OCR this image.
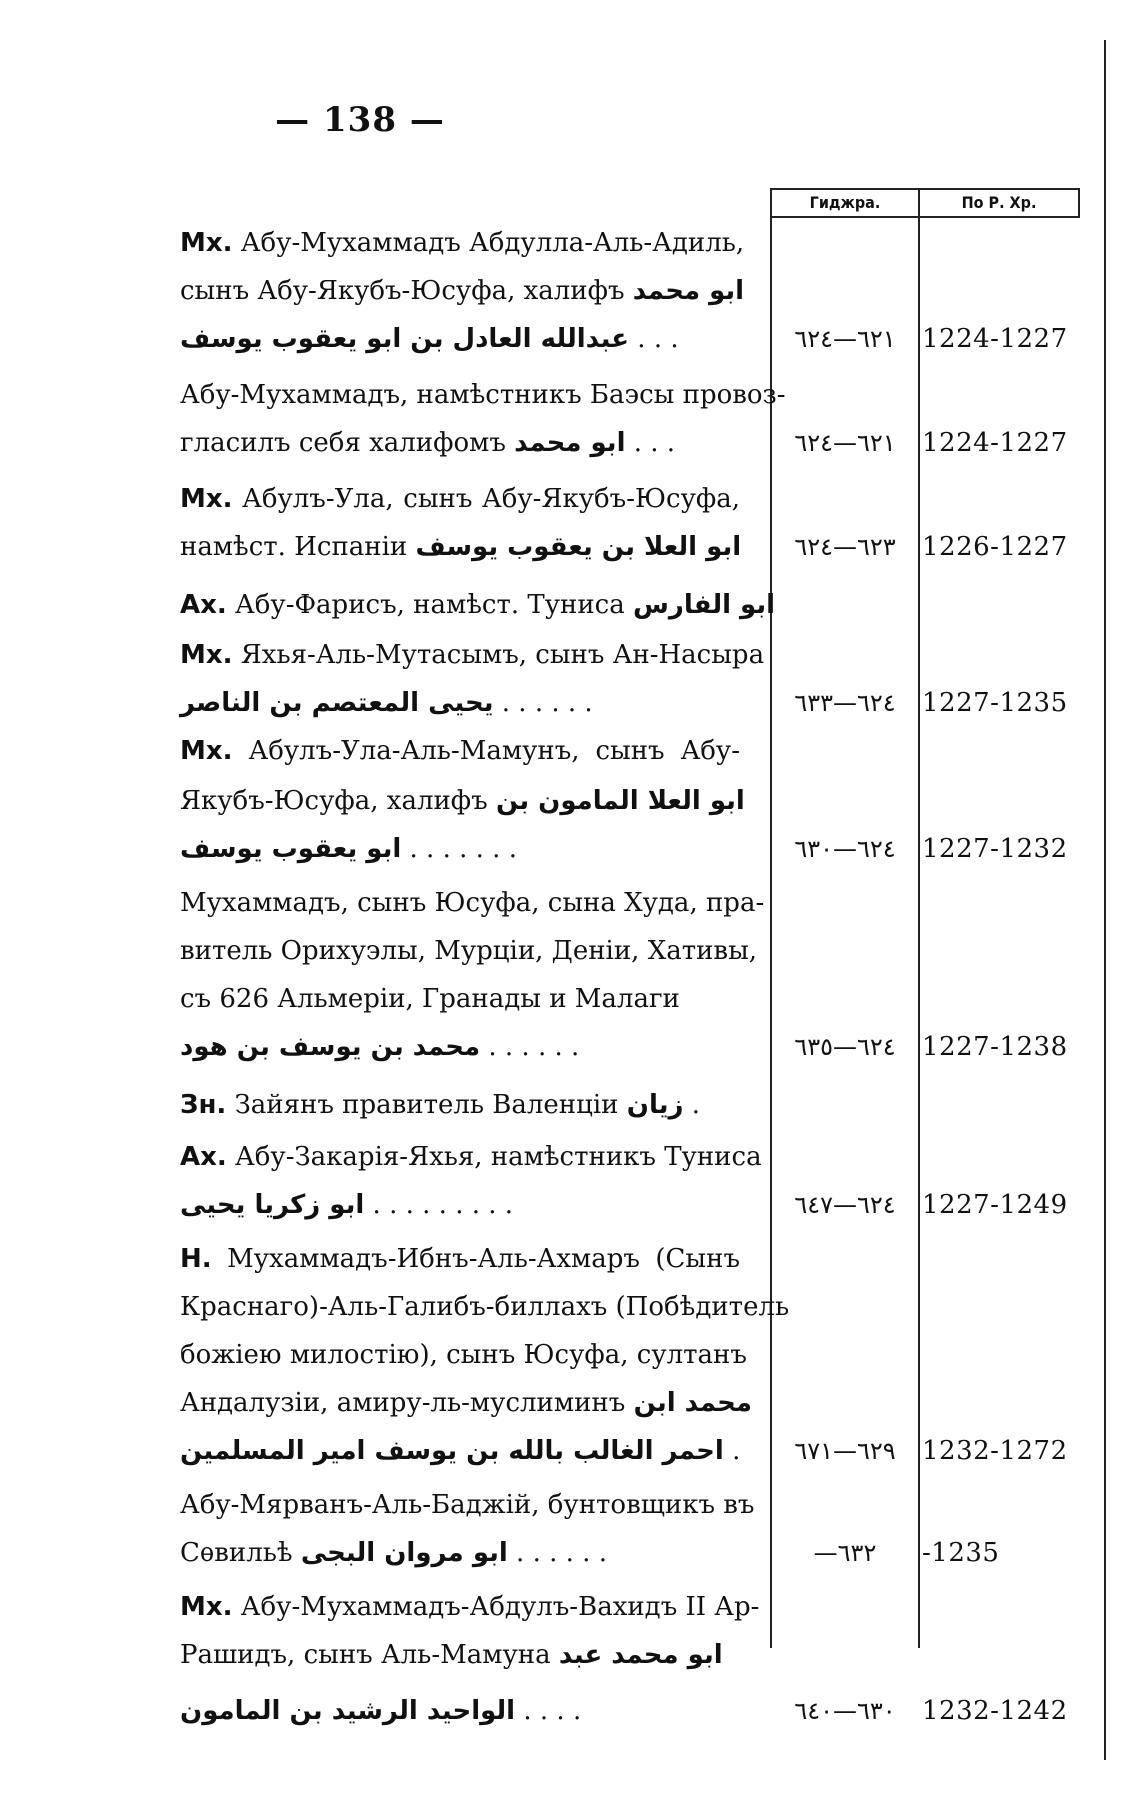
— 138 —
Гиджра.	По Р. Хр.
Мх. Абу-Мухаммадъ Абдулла-Аль-Адиль,
сынъ Абу-Якубъ-Юсуфа, халифъ ابو محمد
عبدالله العادل بن ابو يعقوب يوسف . . .	٦٢١—٦٢٤	1224-1227
Абу-Мухаммадъ, намѣстникъ Баэсы провоз-
гласилъ себя халифомъ ابو محمد . . .	٦٢١—٦٢٤	1224-1227
Мх. Абулъ-Ула, сынъ Абу-Якубъ-Юсуфа,
намѣст. Испаніи ابو العلا بن يعقوب يوسف	٦٢٣—٦٢٤	1226-1227
Ах. Абу-Фарисъ, намѣст. Туниса ابو الفارس
Мх. Яхья-Аль-Мутасымъ, сынъ Ан-Насыра
يحيى المعتصم بن الناصر . . . . . .	٦٢٤—٦٣٣	1227-1235
Мх. Абулъ-Ула-Аль-Мамунъ, сынъ Абу-
Якубъ-Юсуфа, халифъ ابو العلا المامون بن
ابو يعقوب يوسف . . . . . . .	٦٢٤—٦٣٠	1227-1232
Мухаммадъ, сынъ Юсуфа, сына Худа, пра-
витель Орихуэлы, Мурціи, Деніи, Хативы,
съ 626 Альмеріи, Гранады и Малаги
محمد بن يوسف بن هود . . . . . .	٦٢٤—٦٣٥	1227-1238
Зн. Зайянъ правитель Валенціи زيان .
Ах. Абу-Закарія-Яхья, намѣстникъ Туниса
ابو زكريا يحيى . . . . . . . . .	٦٢٤—٦٤٧	1227-1249
Н. Мухаммадъ-Ибнъ-Аль-Ахмаръ (Сынъ
Краснаго)-Аль-Галибъ-биллахъ (Побѣдитель
божіею милостію), сынъ Юсуфа, султанъ
Андалузіи, амиру-ль-муслиминъ محمد ابن
احمر الغالب بالله بن يوسف امير المسلمين .	٦٢٩—٦٧١	1232-1272
Абу-Мярванъ-Аль-Баджій, бунтовщикъ въ
Сѳвильѣ ابو مروان البجى . . . . . .	—٦٣٢	-1235
Мх. Абу-Мухаммадъ-Абдулъ-Вахидъ II Ар-
Рашидъ, сынъ Аль-Мамуна ابو محمد عبد
الواحيد الرشيد بن المامون . . . .	٦٣٠—٦٤٠	1232-1242
